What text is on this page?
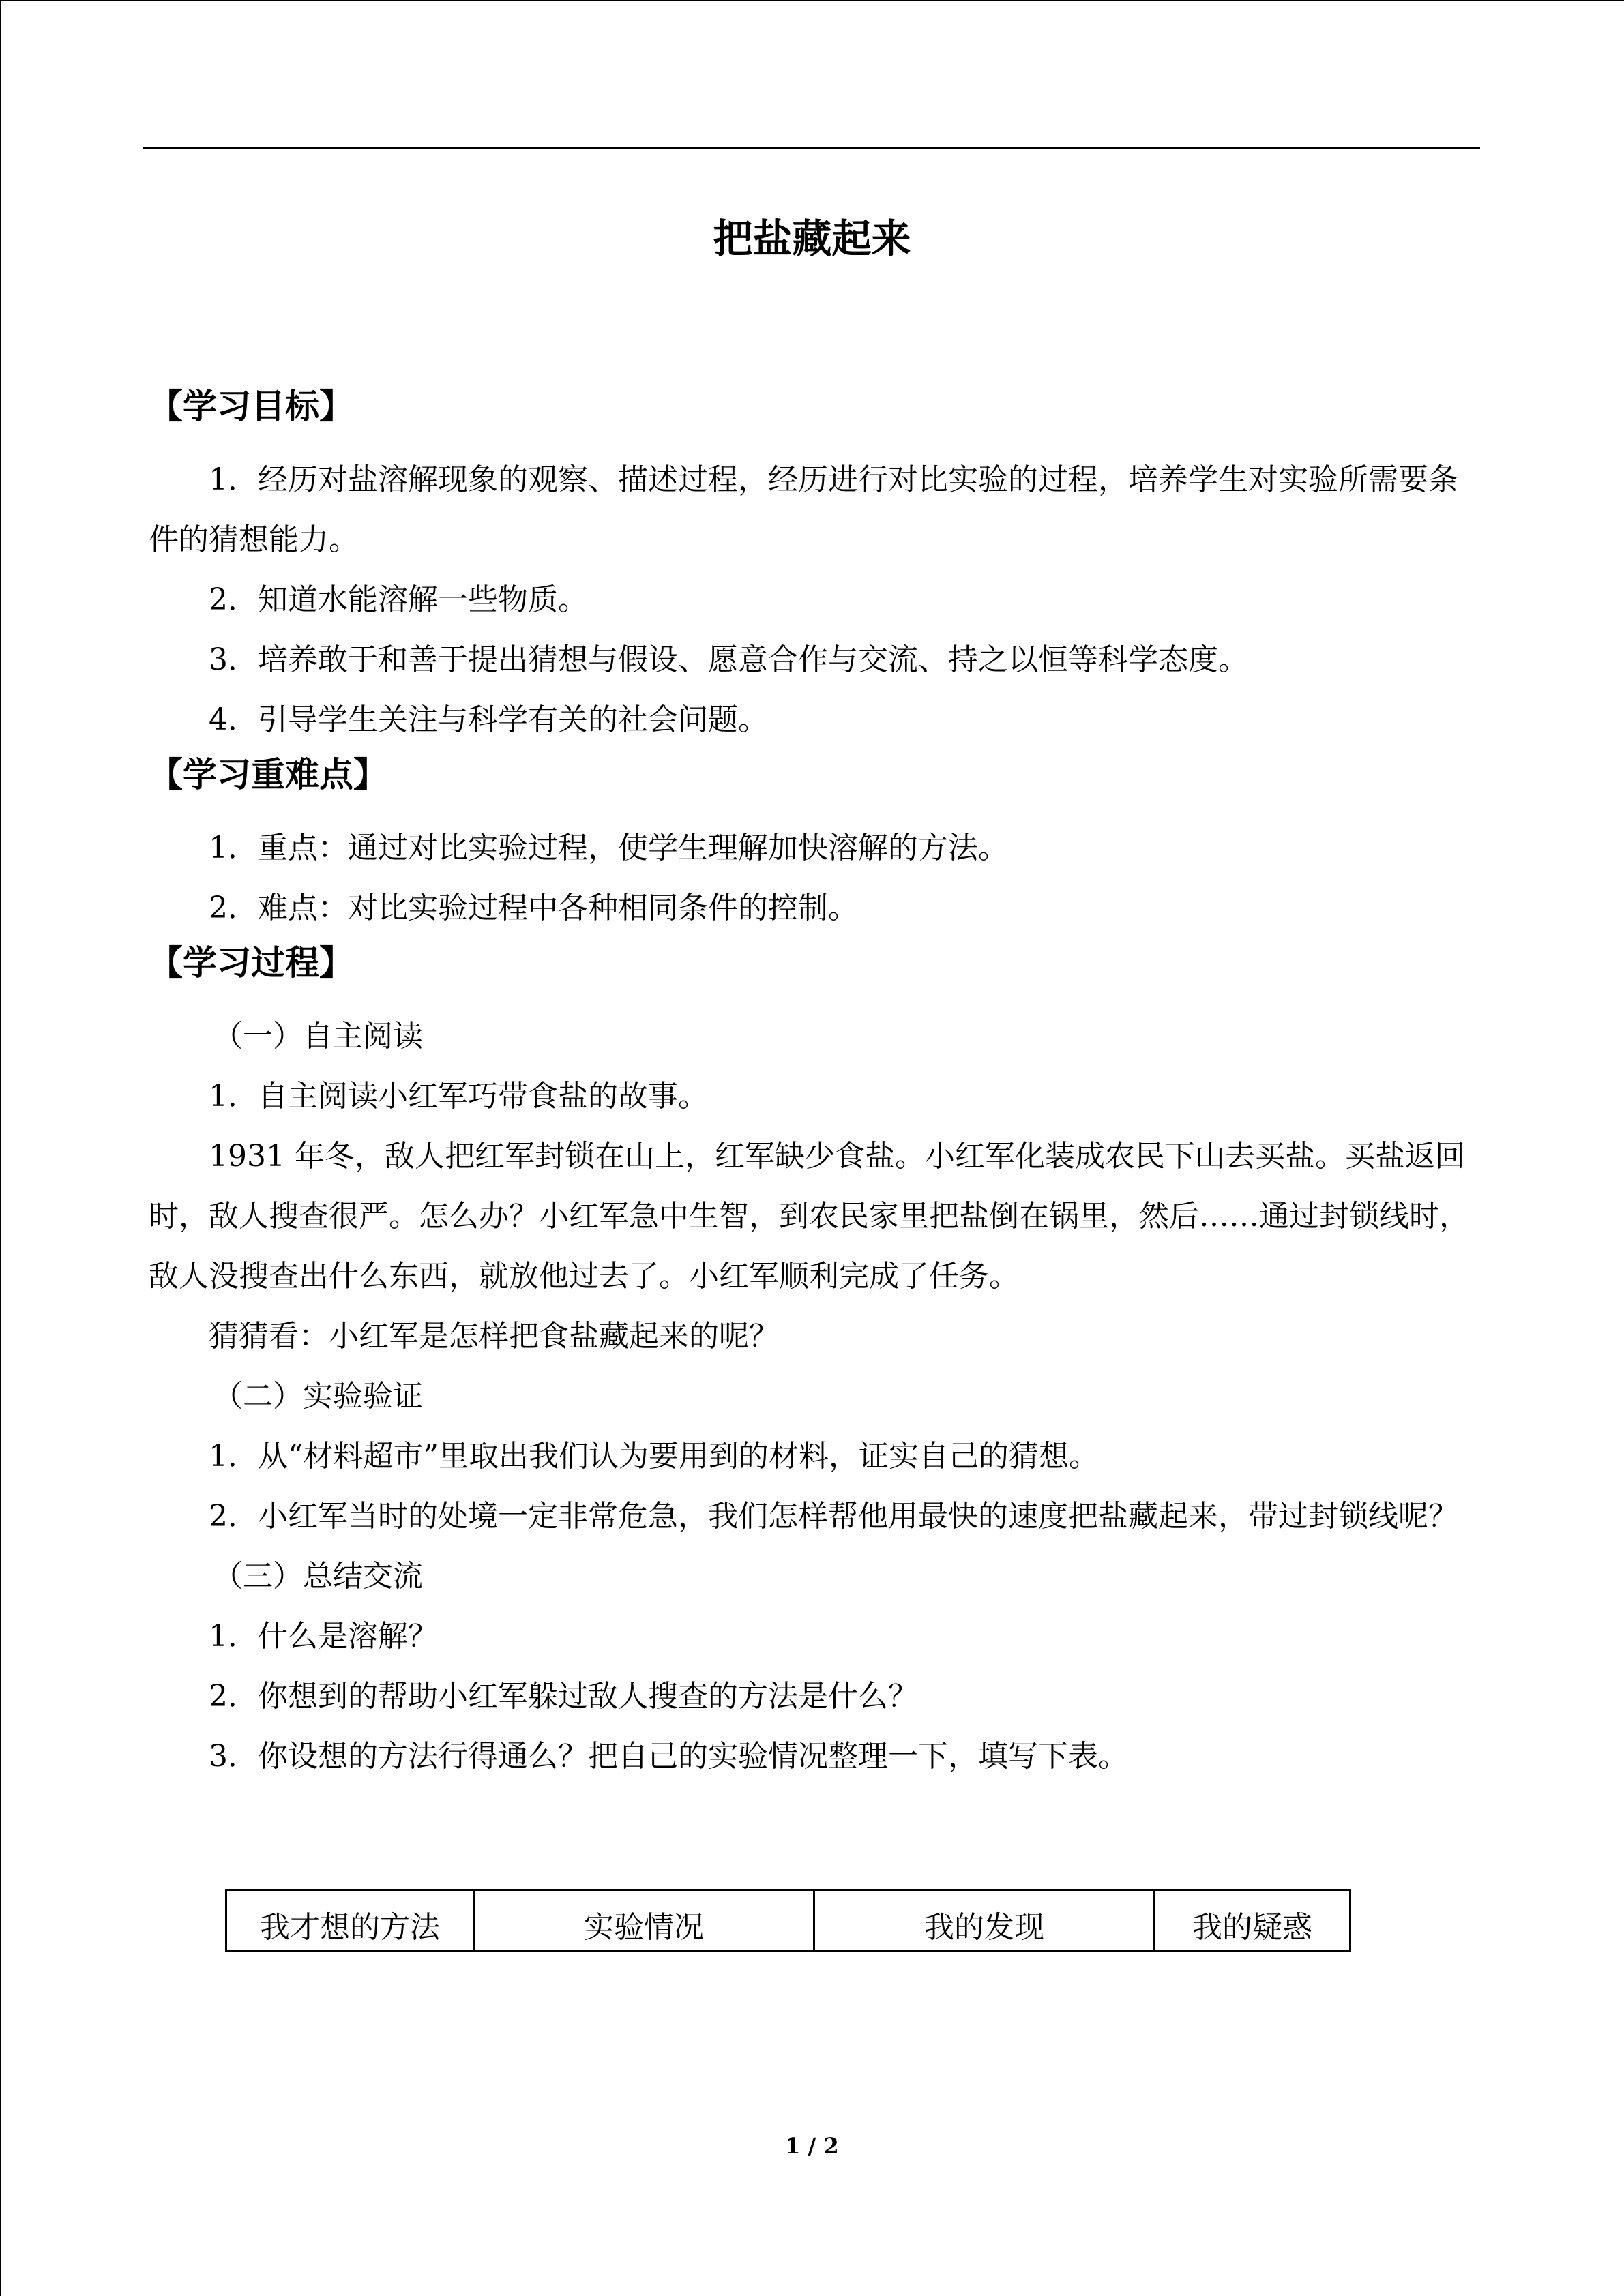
把盐藏起来
【学习目标】

1．经历对盐溶解现象的观察、描述过程，经历进行对比实验的过程，培养学生对实验所需要条件的猜想能力。

2．知道水能溶解一些物质。

3．培养敢于和善于提出猜想与假设、愿意合作与交流、持之以恒等科学态度。

4．引导学生关注与科学有关的社会问题。

【学习重难点】

1．重点：通过对比实验过程，使学生理解加快溶解的方法。

2．难点：对比实验过程中各种相同条件的控制。

【学习过程】

（一）自主阅读

1．自主阅读小红军巧带食盐的故事。

1931 年冬，敌人把红军封锁在山上，红军缺少食盐。小红军化装成农民下山去买盐。买盐返回时，敌人搜查很严。怎么办？小红军急中生智，到农民家里把盐倒在锅里，然后……通过封锁线时，敌人没搜查出什么东西，就放他过去了。小红军顺利完成了任务。

猜猜看：小红军是怎样把食盐藏起来的呢？

（二）实验验证

1．从“材料超市”里取出我们认为要用到的材料，证实自己的猜想。

2．小红军当时的处境一定非常危急，我们怎样帮他用最快的速度把盐藏起来，带过封锁线呢？

（三）总结交流

1．什么是溶解？

2．你想到的帮助小红军躲过敌人搜查的方法是什么？

3．你设想的方法行得通么？把自己的实验情况整理一下，填写下表。

我才想的方法	实验情况	我的发现	我的疑惑
1 / 2
